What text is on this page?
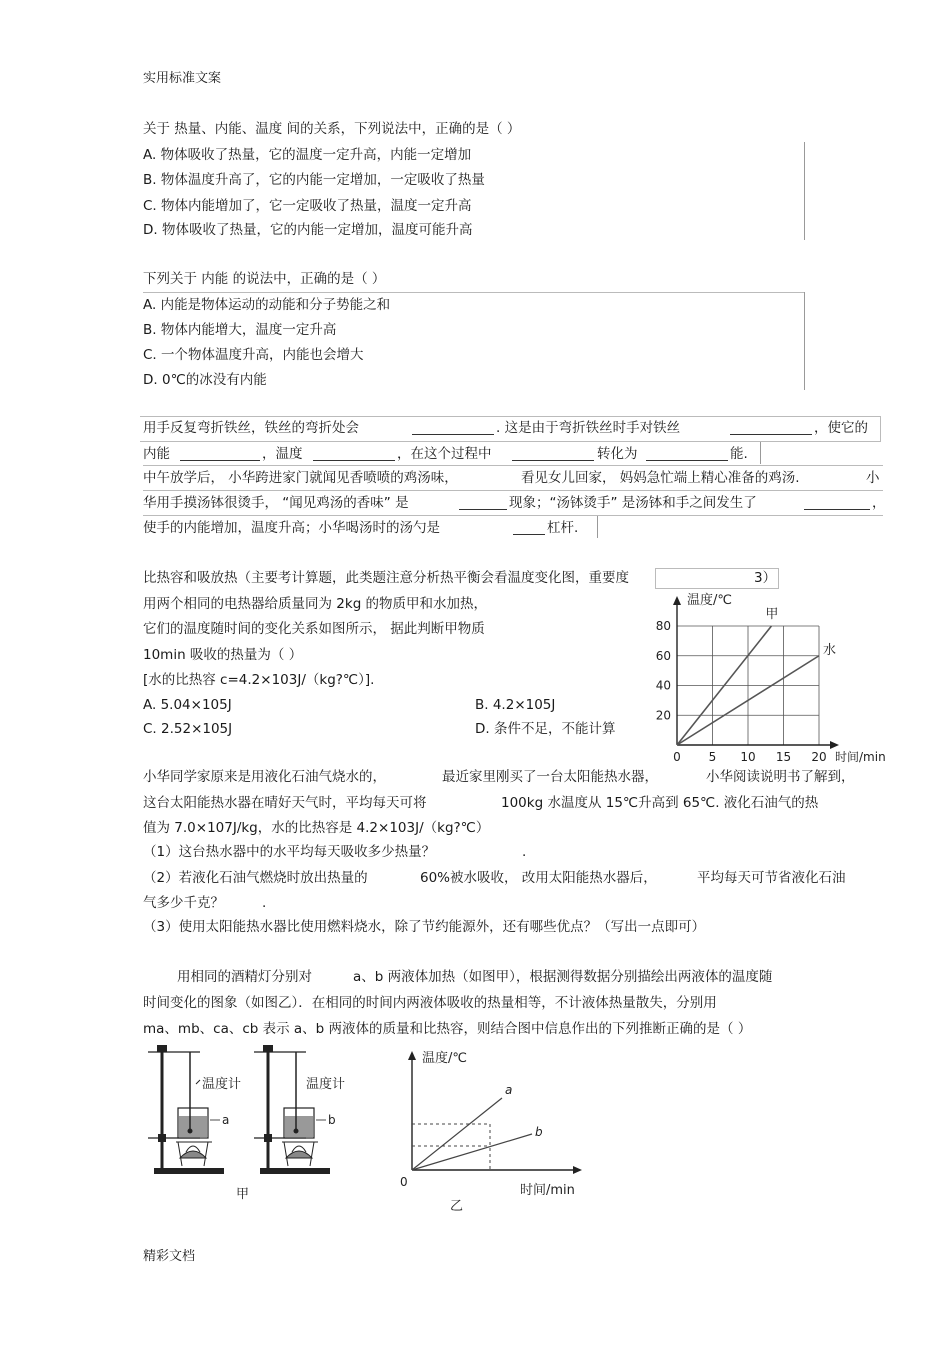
实用标准文案
精彩文档
关于 热量、内能、温度 间的关系，下列说法中，正确的是（ ）
A. 物体吸收了热量，它的温度一定升高，内能一定增加
B. 物体温度升高了，它的内能一定增加，一定吸收了热量
C. 物体内能增加了，它一定吸收了热量，温度一定升高
D. 物体吸收了热量，它的内能一定增加，温度可能升高
下列关于 内能 的说法中，正确的是（ ）
A. 内能是物体运动的动能和分子势能之和
B. 物体内能增大，温度一定升高
C. 一个物体温度升高，内能也会增大
D. 0℃的冰没有内能
用手反复弯折铁丝，铁丝的弯折处会	. 这是由于弯折铁丝时手对铁丝	，使它的
内能	，温度	，在这个过程中	转化为	能.
中午放学后， 小华跨进家门就闻见香喷喷的鸡汤味，	看见女儿回家， 妈妈急忙端上精心准备的鸡汤.	小
华用手摸汤钵很烫手， “闻见鸡汤的香味” 是	现象；“汤钵烫手” 是汤钵和手之间发生了	，
使手的内能增加，温度升高；小华喝汤时的汤勺是	杠杆.
比热容和吸放热（主要考计算题，此类题注意分析热平衡会看温度变化图，重要度	3）
用两个相同的电热器给质量同为 2kg 的物质甲和水加热，
它们的温度随时间的变化关系如图所示， 据此判断甲物质
10min 吸收的热量为（ ）
[水的比热容 c=4.2×103J/（kg?℃）].
A. 5.04×105J	B. 4.2×105J
C. 2.52×105J	D. 条件不足，不能计算
0 5 10 15 20
20
40
60
80
甲
水
温度/℃
时间/min
小华同学家原来是用液化石油气烧水的，	最近家里刚买了一台太阳能热水器，	小华阅读说明书了解到，
这台太阳能热水器在晴好天气时，平均每天可将	100kg 水温度从 15℃升高到 65℃. 液化石油气的热
值为 7.0×107J/kg，水的比热容是 4.2×103J/（kg?℃）
（1）这台热水器中的水平均每天吸收多少热量？	.
（2）若液化石油气燃烧时放出热量的	60%被水吸收， 改用太阳能热水器后，	平均每天可节省液化石油
气多少千克？	.
（3）使用太阳能热水器比使用燃料烧水，除了节约能源外，还有哪些优点？（写出一点即可）
用相同的酒精灯分别对	a、b 两液体加热（如图甲），根据测得数据分别描绘出两液体的温度随
时间变化的图象（如图乙）．在相同的时间内两液体吸收的热量相等，不计液体热量散失，分别用
ma、mb、ca、cb 表示 a、b 两液体的质量和比热容，则结合图中信息作出的下列推断正确的是（ ）
温度计
a
温度计
b
甲
温度/℃
时间/min
0
a
b
乙
